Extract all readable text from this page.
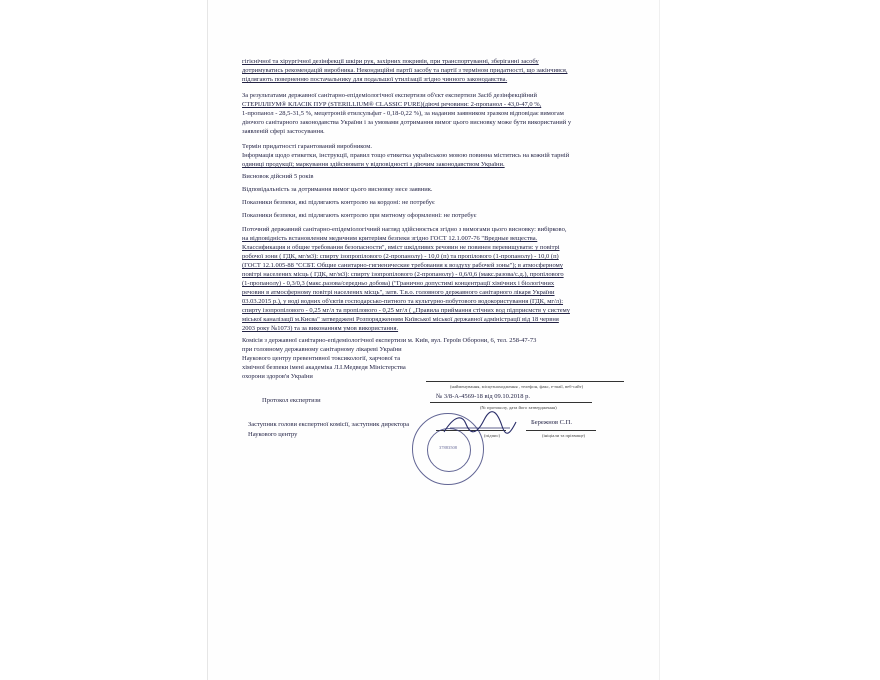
гігієнічної та хірургічної дезінфекції шкіри рук, захірних покривів, при транспортуванні, зберіганні засобу
дотримуватись рекомендацій виробника. Некондиційні партії засобу та партії з терміном придатності, що закінчився,
підлягають поверненню постачальнику для подальшої утилізації згідно чинного законодавства.
За результатами державної санітарно-епідеміологічної експертизи об'єкт експертизи Засіб дезінфекційний
СТЕРІЛЛІУМ® КЛАСІК ПУР (STERILLIUM® CLASSIC PURE)(діючі речовини: 2-пропанол - 43,0-47,0 %,
1-пропанол - 28,5-31,5 %, мецетроній етилсульфат - 0,18-0,22 %), за наданим заявником зразком відповідає вимогам
діючого санітарного законодавства України і за умовами дотримання вимог цього висновку може бути використаний у
заявленій сфері застосування.
Термін придатності гарантований виробником.
Інформація щодо етикетки, інструкції, правил тощо етикетка українською мовою повинна міститись на кожній тарній
одиниці продукції; маркування здійснювати у відповідності з діючим законодавством України.
Висновок дійсний 5 років
Відповідальність за дотримання вимог цього висновку несе заявник.
Показники безпеки, які підлягають контролю на кордоні: не потребує
Показники безпеки, які підлягають контролю при митному оформленні: не потребує
Поточний державний санітарно-епідеміологічний нагляд здійснюється згідно з вимогами цього висновку: вибірково,
на відповідність встановленим медичним критеріям безпеки згідно ГОСТ 12.1.007-76 "Вредные вещества.
Классификация и общие требования безопасности", вміст шкідливих речовин не повинен перевищувати: у повітрі
робочої зони ( ГДК, мг/м3): спирту ізопропілового (2-пропанолу) - 10,0 (п) та пропілового (1-пропанолу) - 10,0 (п)
(ГОСТ 12.1.005-88 "ССБТ. Общие санитарно-гигиенические требования к воздуху рабочей зоны"); в атмосферному
повітрі населених місць ( ГДК, мг/м3): спирту ізопропілового (2-пропанолу) - 0,6/0,6 (макс.разова/с.д.), пропілового
(1-пропанолу) - 0,3/0,3 (макс.разова/середньо добова) ("Гранично допустимі концентрації хімічних і біологічних
речовин в атмосферному повітрі населених місць", затв. Т.в.о. головного державного санітарного лікаря України
03.03.2015 р.), у воді водних об'єктів господарсько-питного та культурно-побутового водокористування (ГДК, мг/л):
спирту ізопропілового - 0,25 мг/л та пропілового - 0,25 мг/л ( „Правила приймання стічних вод підприємств у систему
міської каналізації м.Києва" затверджені Розпорядженням Київської міської державної адміністрації від 18 червня
2003 року №1073) та за виконанням умов використання.
Комісія з державної санітарно-епідеміологічної експертизи м. Київ, вул. Героїв Оборони, 6, тел. 258-47-73
при головному державному санітарному лікареві України
Наукового центру превентивної токсикології, харчової та
хімічної безпеки імені академіка Л.І.Медведя Міністерства
охорони здоров'я України
(найменування, місцезнаходження , телефон, факс, e-mail, веб-сайт)
Протокол експертизи
№ 3/8-А-4569-18 від 09.10.2018 р.
(№ протоколу, дата його затвердження)
Заступник голови експертної комісії, заступник директора
Наукового центру
Бережнов С.П.
(підпис)	(ініціали та прізвище)
37883508
